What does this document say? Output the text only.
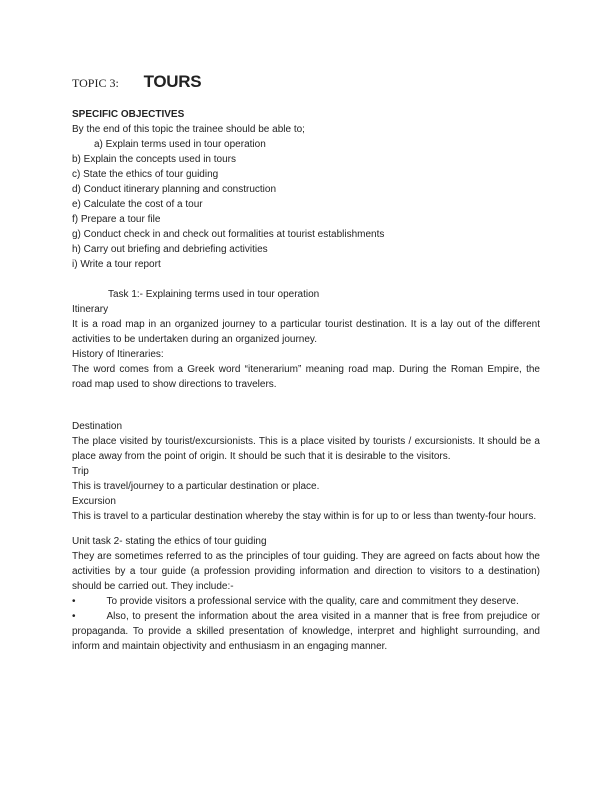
TOPIC 3: TOURS

SPECIFIC OBJECTIVES

By the end of this topic the trainee should be able to;

a) Explain terms used in tour operation

b) Explain the concepts used in tours

c) State the ethics of tour guiding

d) Conduct itinerary planning and construction

e) Calculate the cost of a tour

f) Prepare a tour file

g) Conduct check in and check out formalities at tourist establishments

h) Carry out briefing and debriefing activities

i) Write a tour report

Task 1:- Explaining terms used in tour operation

Itinerary

It is a road map in an organized journey to a particular tourist destination. It is a lay out of the different activities to be undertaken during an organized journey.

History of Itineraries:

The word comes from a Greek word “itenerarium” meaning road map. During the Roman Empire, the road map used to show directions to travelers.

Destination

The place visited by tourist/excursionists. This is a place visited by tourists / excursionists. It should be a place away from the point of origin. It should be such that it is desirable to the visitors.

Trip

This is travel/journey to a particular destination or place.

Excursion

This is travel to a particular destination whereby the stay within is for up to or less than twenty-four hours.

Unit task 2- stating the ethics of tour guiding

They are sometimes referred to as the principles of tour guiding. They are agreed on facts about how the activities by a tour guide (a profession providing information and direction to visitors to a destination) should be carried out. They include:-

•	To provide visitors a professional service with the quality, care and commitment they deserve.

•	Also, to present the information about the area visited in a manner that is free from prejudice or propaganda. To provide a skilled presentation of knowledge, interpret and highlight surrounding, and inform and maintain objectivity and enthusiasm in an engaging manner.
